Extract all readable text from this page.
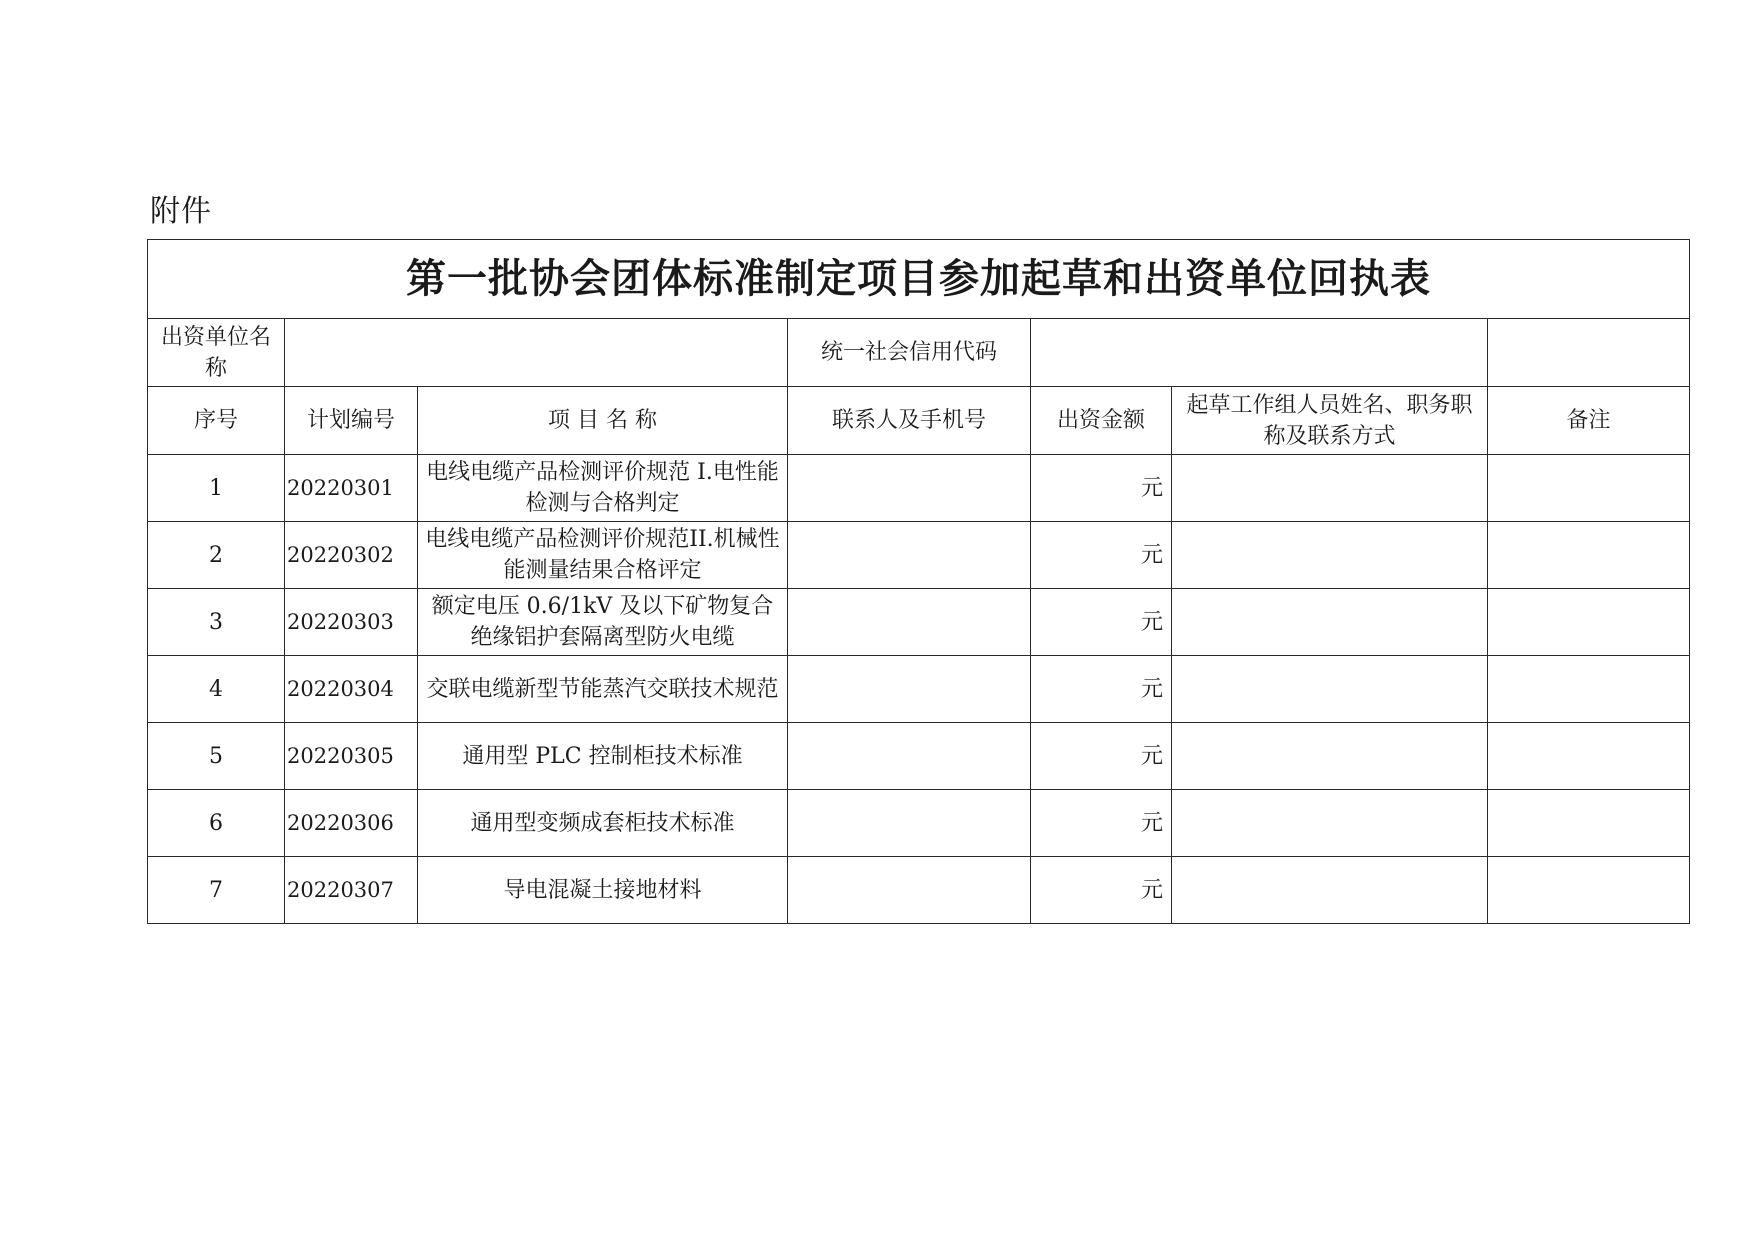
附件
第一批协会团体标准制定项目参加起草和出资单位回执表						
出资单位名称			统一社会信用代码			
序号	计划编号	项 目 名 称	联系人及手机号	出资金额	起草工作组人员姓名、职务职称及联系方式	备注
1	20220301	电线电缆产品检测评价规范 I.电性能检测与合格判定		元		
2	20220302	电线电缆产品检测评价规范II.机械性能测量结果合格评定		元		
3	20220303	额定电压 0.6/1kV 及以下矿物复合绝缘铝护套隔离型防火电缆		元		
4	20220304	交联电缆新型节能蒸汽交联技术规范		元		
5	20220305	通用型 PLC 控制柜技术标准		元		
6	20220306	通用型变频成套柜技术标准		元		
7	20220307	导电混凝土接地材料		元		
